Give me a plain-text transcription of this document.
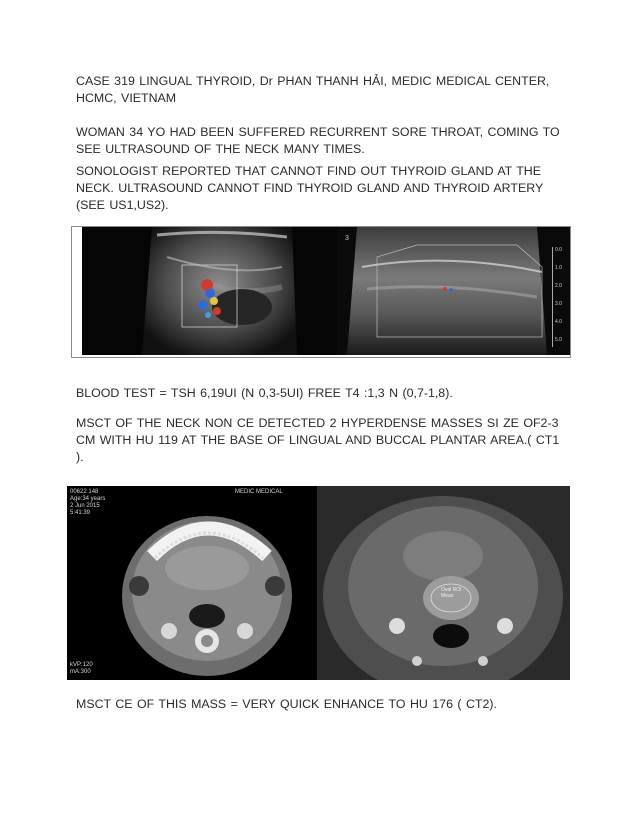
CASE 319 LINGUAL THYROID, Dr PHAN THANH HẢI, MEDIC MEDICAL CENTER, HCMC, VIETNAM

WOMAN 34 YO HAD BEEN SUFFERED RECURRENT SORE THROAT, COMING TO SEE ULTRASOUND OF THE NECK MANY TIMES.

SONOLOGIST REPORTED THAT CANNOT FIND OUT THYROID GLAND AT THE NECK. ULTRASOUND CANNOT FIND THYROID GLAND AND THYROID ARTERY (SEE US1,US2).

3
0.0
1.0
2.0
3.0
4.0
5.0

BLOOD TEST = TSH 6,19UI (N 0,3-5UI) FREE T4 :1,3 N (0,7-1,8).

MSCT OF THE NECK NON CE DETECTED 2 HYPERDENSE MASSES SI ZE OF2-3 CM WITH HU 119 AT THE BASE OF LINGUAL AND BUCCAL PLANTAR AREA.( CT1 ).

00622 148
Age:34 years
2 Jun 2015
5:41:39
MEDIC MEDICAL
kVP:120
mA:300
Oval ROI
Mean

MSCT CE OF THIS MASS = VERY QUICK ENHANCE TO HU 176 ( CT2).
